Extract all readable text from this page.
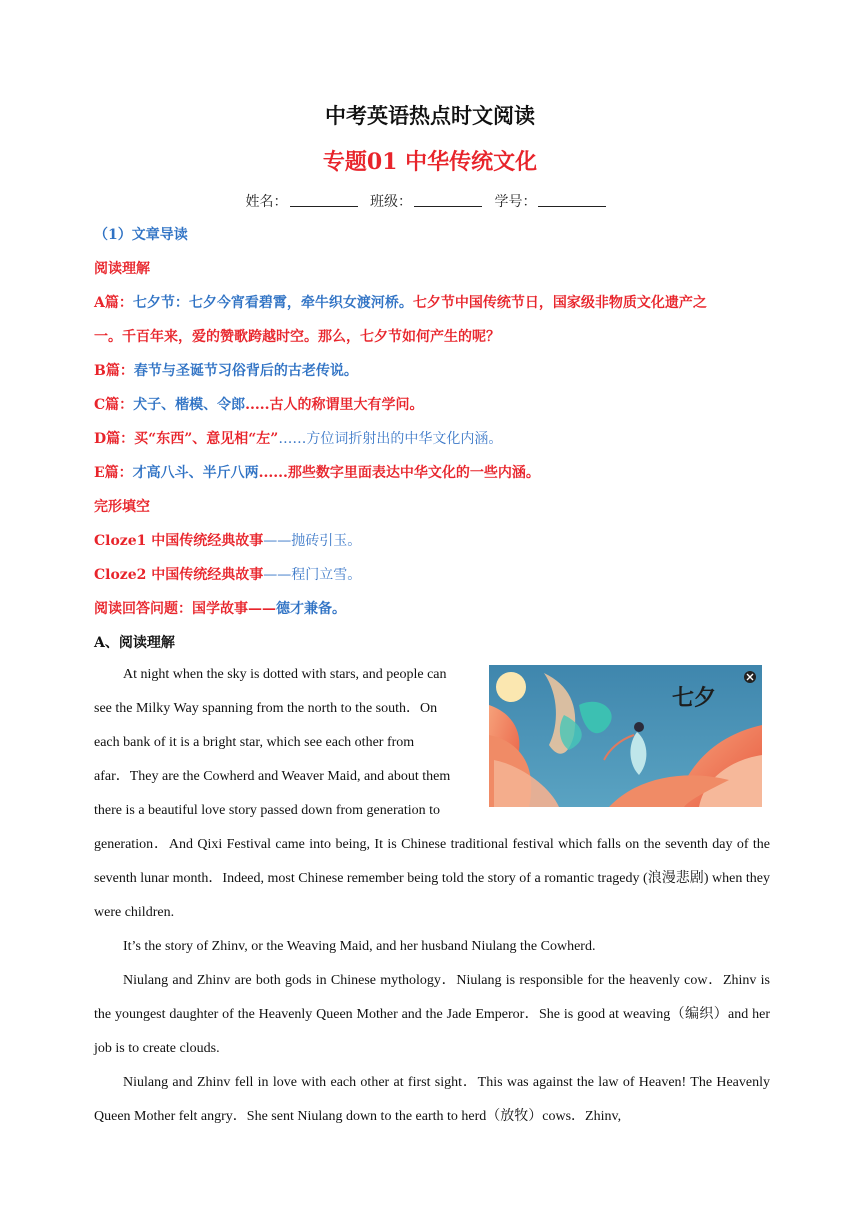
中考英语热点时文阅读
专题01 中华传统文化
姓名：	班级：	学号：
（1）文章导读
阅读理解
A篇：七夕节：七夕今宵看碧霄，牵牛织女渡河桥。七夕节中国传统节日，国家级非物质文化遗产之
一。千百年来，爱的赞歌跨越时空。那么，七夕节如何产生的呢？
B篇：春节与圣诞节习俗背后的古老传说。
C篇：犬子、楷模、令郎.....古人的称谓里大有学问。
D篇：买“东西”、意见相“左”……方位词折射出的中华文化内涵。
E篇：才高八斗、半斤八两......那些数字里面表达中华文化的一些内涵。
完形填空
Cloze1 中国传统经典故事——抛砖引玉。
Cloze2 中国传统经典故事——程门立雪。
阅读回答问题：国学故事——德才兼备。
A、阅读理解
At night when the sky is dotted with stars, and people can
see the Milky Way spanning from the north to the south．On
each bank of it is a bright star, which see each other from
afar．They are the Cowherd and Weaver Maid, and about them
there is a beautiful love story passed down from generation to
generation．And Qixi Festival came into being, It is Chinese traditional festival which falls on the seventh day of the seventh lunar month．Indeed, most Chinese remember being told the story of a romantic tragedy (浪漫悲剧) when they were children.
It’s the story of Zhinv, or the Weaving Maid, and her husband Niulang the Cowherd.
Niulang and Zhinv are both gods in Chinese mythology．Niulang is responsible for the heavenly cow．Zhinv is the youngest daughter of the Heavenly Queen Mother and the Jade Emperor．She is good at weaving（编织）and her job is to create clouds.
Niulang and Zhinv fell in love with each other at first sight．This was against the law of Heaven! The Heavenly Queen Mother felt angry．She sent Niulang down to the earth to herd（放牧）cows．Zhinv,
七夕
